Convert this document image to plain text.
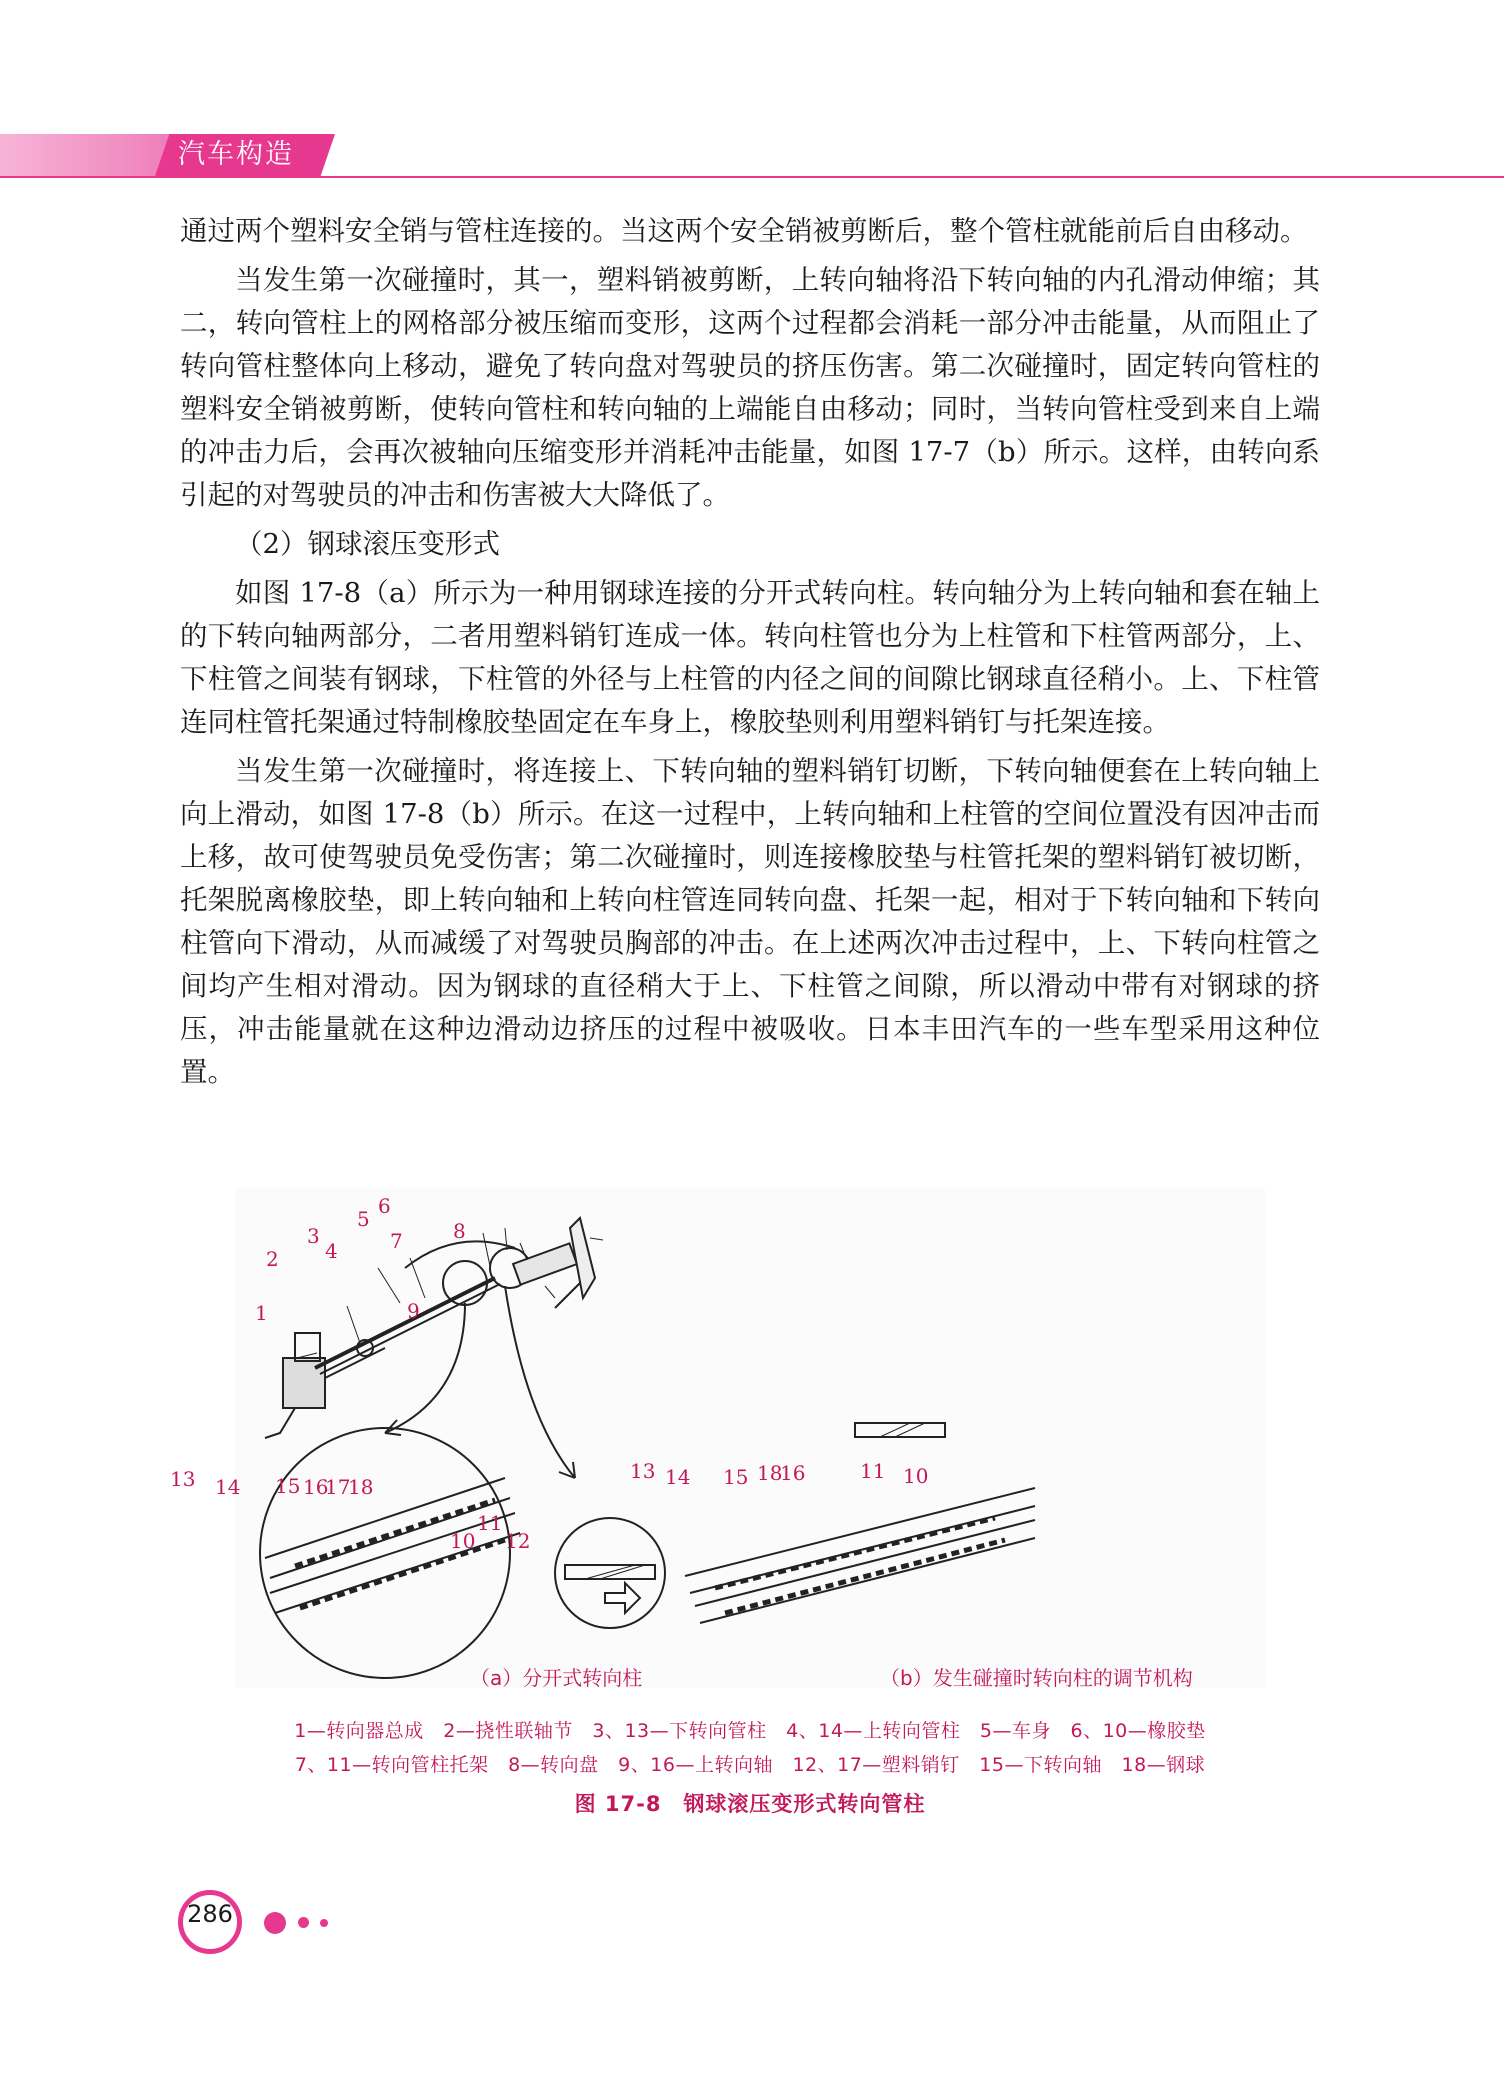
汽车构造

通过两个塑料安全销与管柱连接的。当这两个安全销被剪断后，整个管柱就能前后自由移动。

当发生第一次碰撞时，其一，塑料销被剪断，上转向轴将沿下转向轴的内孔滑动伸缩；其二，转向管柱上的网格部分被压缩而变形，这两个过程都会消耗一部分冲击能量，从而阻止了转向管柱整体向上移动，避免了转向盘对驾驶员的挤压伤害。第二次碰撞时，固定转向管柱的塑料安全销被剪断，使转向管柱和转向轴的上端能自由移动；同时，当转向管柱受到来自上端的冲击力后，会再次被轴向压缩变形并消耗冲击能量，如图 17-7（b）所示。这样，由转向系引起的对驾驶员的冲击和伤害被大大降低了。

（2）钢球滚压变形式

如图 17-8（a）所示为一种用钢球连接的分开式转向柱。转向轴分为上转向轴和套在轴上的下转向轴两部分，二者用塑料销钉连成一体。转向柱管也分为上柱管和下柱管两部分，上、下柱管之间装有钢球，下柱管的外径与上柱管的内径之间的间隙比钢球直径稍小。上、下柱管连同柱管托架通过特制橡胶垫固定在车身上，橡胶垫则利用塑料销钉与托架连接。

当发生第一次碰撞时，将连接上、下转向轴的塑料销钉切断，下转向轴便套在上转向轴上向上滑动，如图 17-8（b）所示。在这一过程中，上转向轴和上柱管的空间位置没有因冲击而上移，故可使驾驶员免受伤害；第二次碰撞时，则连接橡胶垫与柱管托架的塑料销钉被切断，托架脱离橡胶垫，即上转向轴和上转向柱管连同转向盘、托架一起，相对于下转向轴和下转向柱管向下滑动，从而减缓了对驾驶员胸部的冲击。在上述两次冲击过程中，上、下转向柱管之间均产生相对滑动。因为钢球的直径稍大于上、下柱管之间隙，所以滑动中带有对钢球的挤压，冲击能量就在这种边滑动边挤压的过程中被吸收。日本丰田汽车的一些车型采用这种位置。

1
2
3
4
5
6
7	8
9
13 14 15 16
17
18
10
11
12
13 14 15 18
16	11 10
（a）分开式转向柱	（b）发生碰撞时转向柱的调节机构
1—转向器总成　2—挠性联轴节　3、13—下转向管柱　4、14—上转向管柱　5—车身　6、10—橡胶垫
7、11—转向管柱托架　8—转向盘　9、16—上转向轴　12、17—塑料销钉　15—下转向轴　18—钢球
图 17-8　钢球滚压变形式转向管柱
286
